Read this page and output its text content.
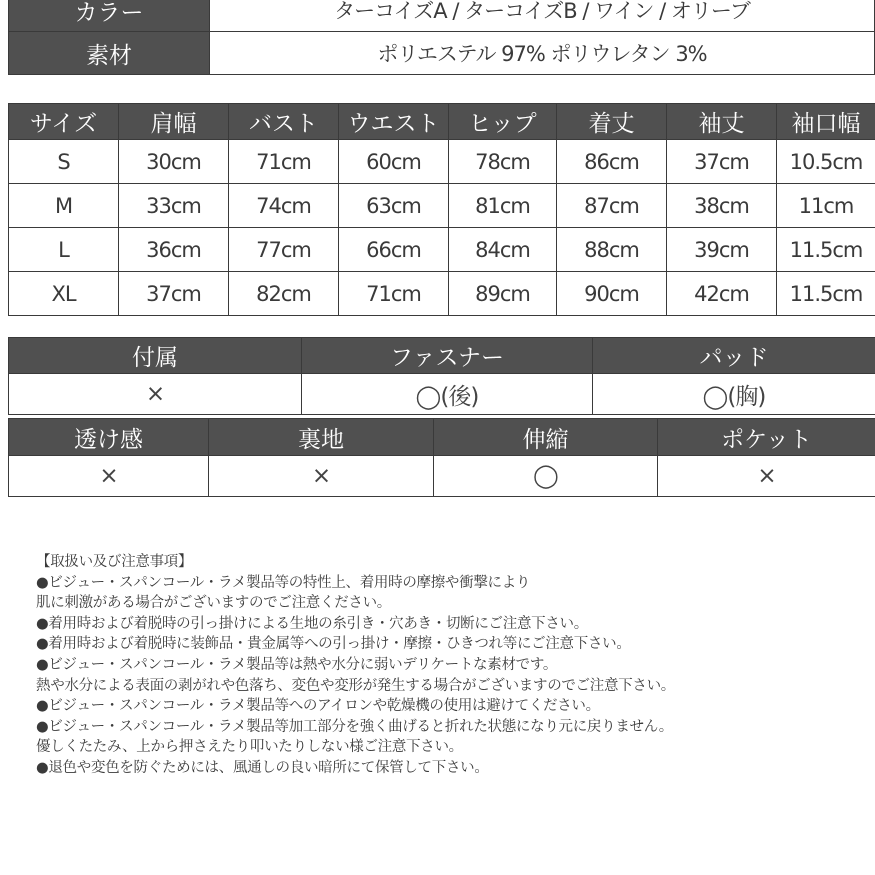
カラー	ターコイズA / ターコイズB / ワイン / オリーブ
素材	ポリエステル 97% ポリウレタン 3%
サイズ	肩幅	バスト	ウエスト	ヒップ	着丈	袖丈	袖口幅
S	30cm	71cm	60cm	78cm	86cm	37cm	10.5cm
M	33cm	74cm	63cm	81cm	87cm	38cm	11cm
L	36cm	77cm	66cm	84cm	88cm	39cm	11.5cm
XL	37cm	82cm	71cm	89cm	90cm	42cm	11.5cm
付属	ファスナー	パッド
×	◯(後)	◯(胸)
透け感	裏地	伸縮	ポケット
×	×	◯	×
【取扱い及び注意事項】
●ビジュー・スパンコール・ラメ製品等の特性上、着用時の摩擦や衝撃により
肌に刺激がある場合がございますのでご注意ください。
●着用時および着脱時の引っ掛けによる生地の糸引き・穴あき・切断にご注意下さい。
●着用時および着脱時に装飾品・貴金属等への引っ掛け・摩擦・ひきつれ等にご注意下さい。
●ビジュー・スパンコール・ラメ製品等は熱や水分に弱いデリケートな素材です。
熱や水分による表面の剥がれや色落ち、変色や変形が発生する場合がございますのでご注意下さい。
●ビジュー・スパンコール・ラメ製品等へのアイロンや乾燥機の使用は避けてください。
●ビジュー・スパンコール・ラメ製品等加工部分を強く曲げると折れた状態になり元に戻りません。
優しくたたみ、上から押さえたり叩いたりしない様ご注意下さい。
●退色や変色を防ぐためには、風通しの良い暗所にて保管して下さい。
